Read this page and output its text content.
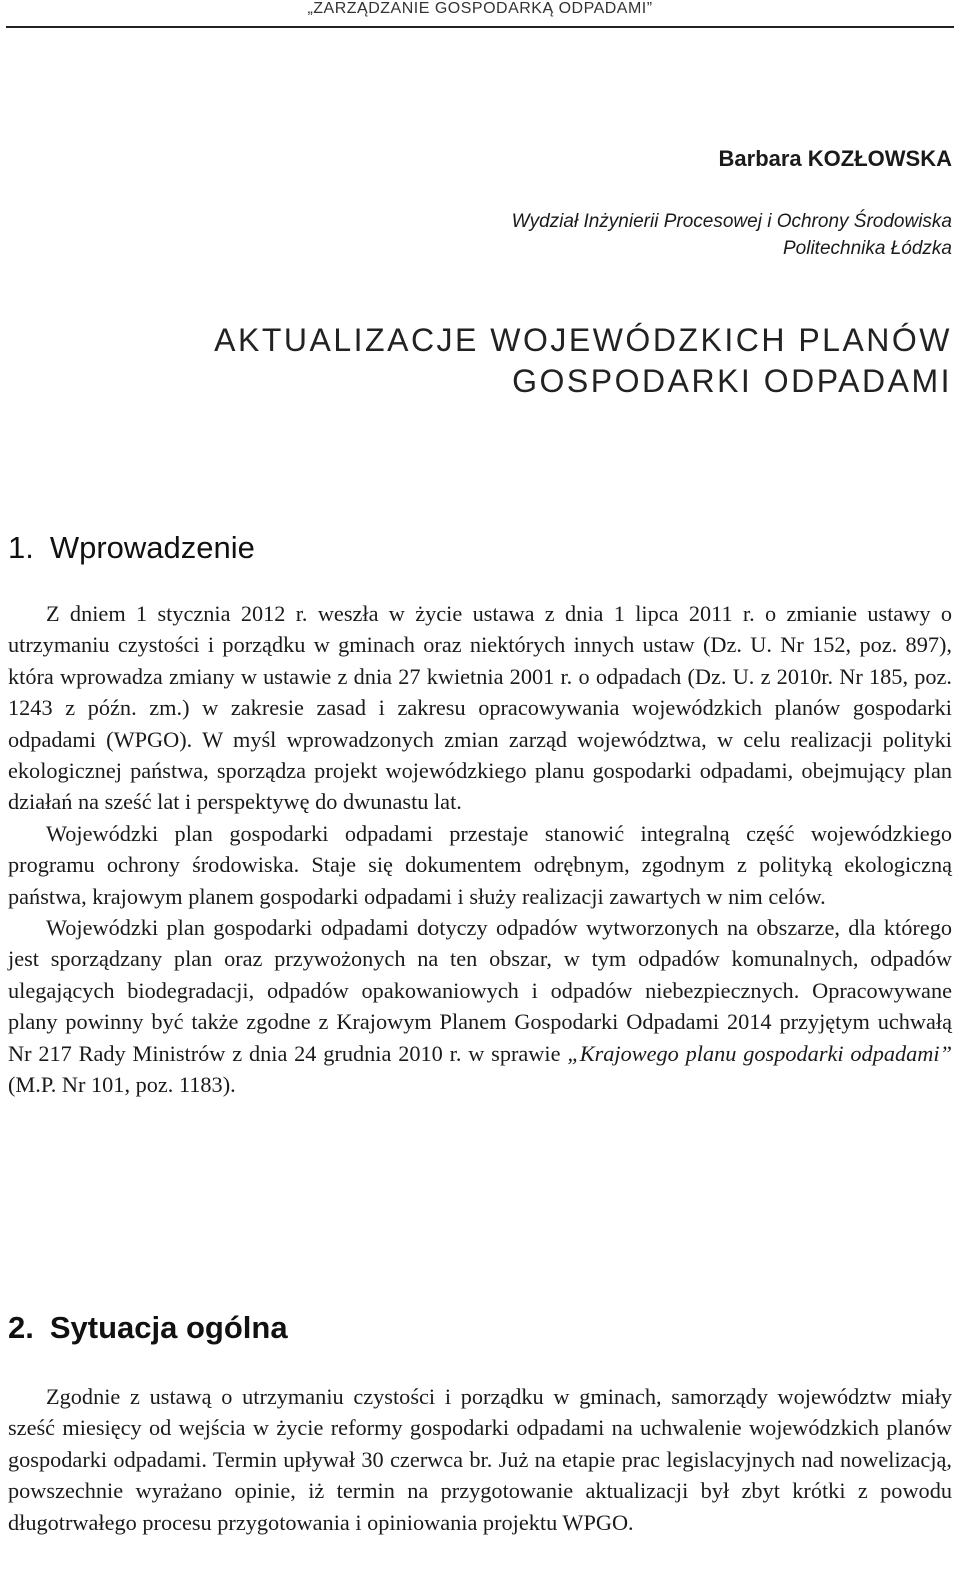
„ZARZĄDZANIE GOSPODARKĄ ODPADAMI”
Barbara KOZŁOWSKA
Wydział Inżynierii Procesowej i Ochrony Środowiska
Politechnika Łódzka
AKTUALIZACJE WOJEWÓDZKICH PLANÓW
GOSPODARKI ODPADAMI
1. Wprowadzenie

Z dniem 1 stycznia 2012 r. weszła w życie ustawa z dnia 1 lipca 2011 r. o zmianie ustawy o utrzymaniu czystości i porządku w gminach oraz niektórych innych ustaw (Dz. U. Nr 152, poz. 897), która wprowadza zmiany w ustawie z dnia 27 kwietnia 2001 r. o odpadach (Dz. U. z 2010r. Nr 185, poz. 1243 z późn. zm.) w zakresie zasad i zakresu opracowywania wojewódzkich planów gospodarki odpadami (WPGO). W myśl wprowadzonych zmian zarząd województwa, w celu realizacji polityki ekologicznej państwa, sporządza projekt wojewódzkiego planu gospodarki odpadami, obejmujący plan działań na sześć lat i perspektywę do dwunastu lat.

Wojewódzki plan gospodarki odpadami przestaje stanowić integralną część wojewódzkiego programu ochrony środowiska. Staje się dokumentem odrębnym, zgodnym z polityką ekologiczną państwa, krajowym planem gospodarki odpadami i służy realizacji zawartych w nim celów.

Wojewódzki plan gospodarki odpadami dotyczy odpadów wytworzonych na obszarze, dla którego jest sporządzany plan oraz przywożonych na ten obszar, w tym odpadów komunalnych, odpadów ulegających biodegradacji, odpadów opakowaniowych i odpadów niebezpiecznych. Opracowywane plany powinny być także zgodne z Krajowym Planem Gospodarki Odpadami 2014 przyjętym uchwałą Nr 217 Rady Ministrów z dnia 24 grudnia 2010 r. w sprawie „Krajowego planu gospodarki odpadami” (M.P. Nr 101, poz. 1183).

2. Sytuacja ogólna

Zgodnie z ustawą o utrzymaniu czystości i porządku w gminach, samorządy województw miały sześć miesięcy od wejścia w życie reformy gospodarki odpadami na uchwalenie wojewódzkich planów gospodarki odpadami. Termin upływał 30 czerwca br. Już na etapie prac legislacyjnych nad nowelizacją, powszechnie wyrażano opinie, iż termin na przygotowanie aktualizacji był zbyt krótki z powodu długotrwałego procesu przygotowania i opiniowania projektu WPGO.
